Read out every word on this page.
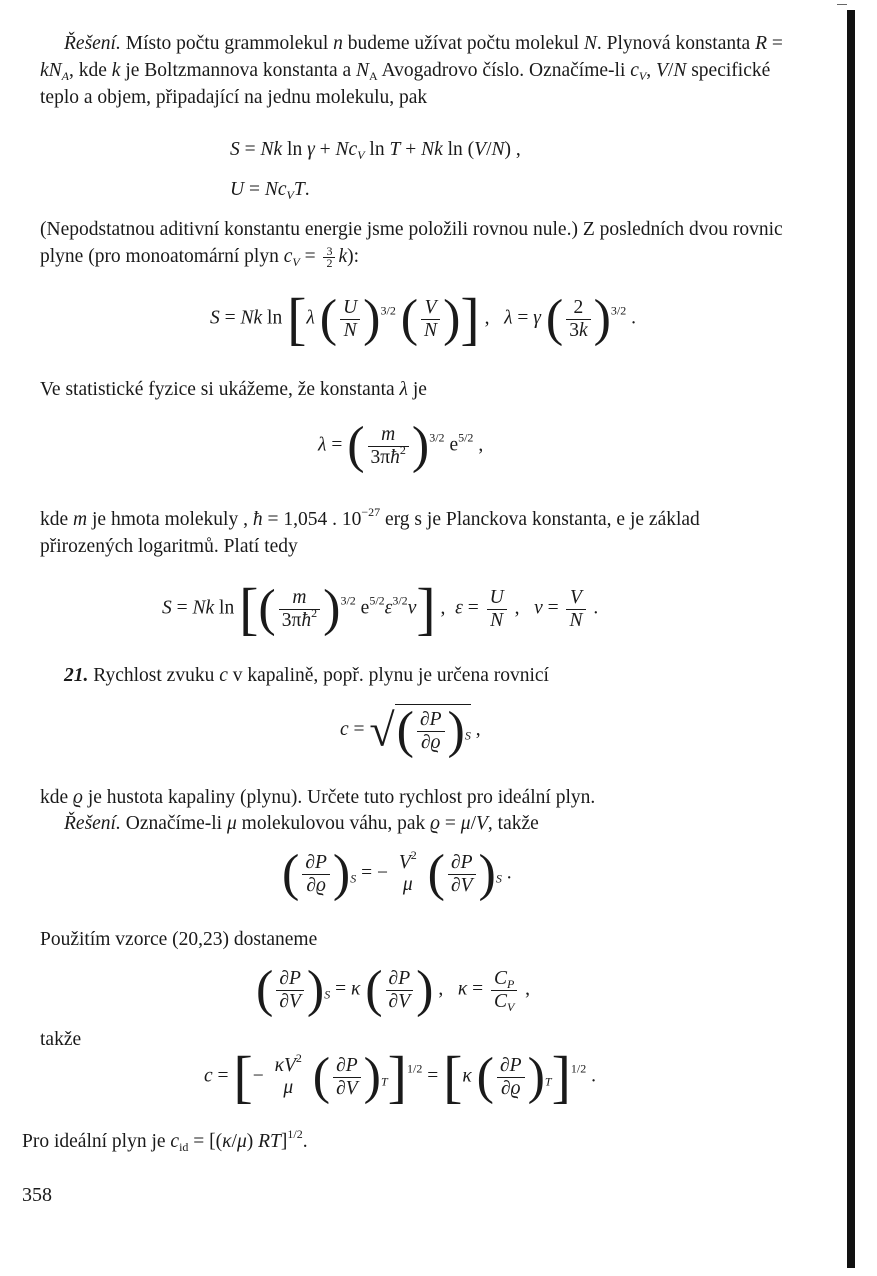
Řešení. Místo počtu grammolekul n budeme užívat počtu molekul N. Plynová konstanta $R = kN_A$, kde k je Boltzmannova konstanta a $N_A$ Avogadrovo číslo. Označíme-li $c_V$, V/N specifické teplo a objem, připadající na jednu molekulu, pak

S = Nk $\ln \gamma + Nc_V$ ln T + Nk ln (V/N) ,
$U = Nc_VT$.

(Nepodstatnou aditivní konstantu energie jsme položili rovnou nule.) Z posledních dvou rovnic plyne (pro monoatomární plyn $c_V = \frac{3}{2} k$):

S = Nk ln [λ ( $\frac{U}{N} )^{3/2}$ ( $\frac{V}{N}$ )] ,   λ = γ ( $\frac{2}{3k} )^{3/2}$ .

Ve statistické fyzice si ukážeme, že konstanta λ je

λ = ( $\frac{m}{3\pi ħ^2} )^{3/2}$ $e^{5/2}$ ,

kde m je hmota molekuly , ħ = 1,054 . $10^{-27}$ erg s je Planckova konstanta, e je základ přirozených logaritmů. Platí tedy

S = Nk ln [( $\frac{m}{3\pi ħ^2} )^{3/2}$ $e^{5/2}\varepsilon^{3/2}v$] ,  $\varepsilon = \frac{U}{N}$ ,   $v = \frac{V}{N}$ .

21. Rychlost zvuku c v kapalině, popř. plynu je určena rovnicí

c = √( $\frac{\partial P}{\partial ϱ} )_S$ ,

kde ϱ je hustota kapaliny (plynu). Určete tuto rychlost pro ideální plyn.

Řešení. Označíme-li μ molekulovou váhu, pak ϱ = μ/V, takže

( $\frac{\partial P}{\partial ϱ} )_S$ = − $V^2$
μ ( $\frac{\partial P}{\partial V} )_S$ .

Použitím vzorce (20,23) dostaneme

( $\frac{\partial P}{\partial V} )_S = \kappa$ ( $\frac{\partial P}{\partial V}$ ) ,   $\kappa = \frac{C_P}{C_V}$ ,

takže

c = [− $\kappa V^2$
μ ( $\frac{\partial P}{\partial V} )_T]^{1/2} = [\kappa$ ( $\frac{\partial P}{\partial ϱ} )_T]^{1/2}$ .

Pro ideální plyn je $c_{id} = [(\kappa/\mu)$ RT]$^{1/2}$.

358
